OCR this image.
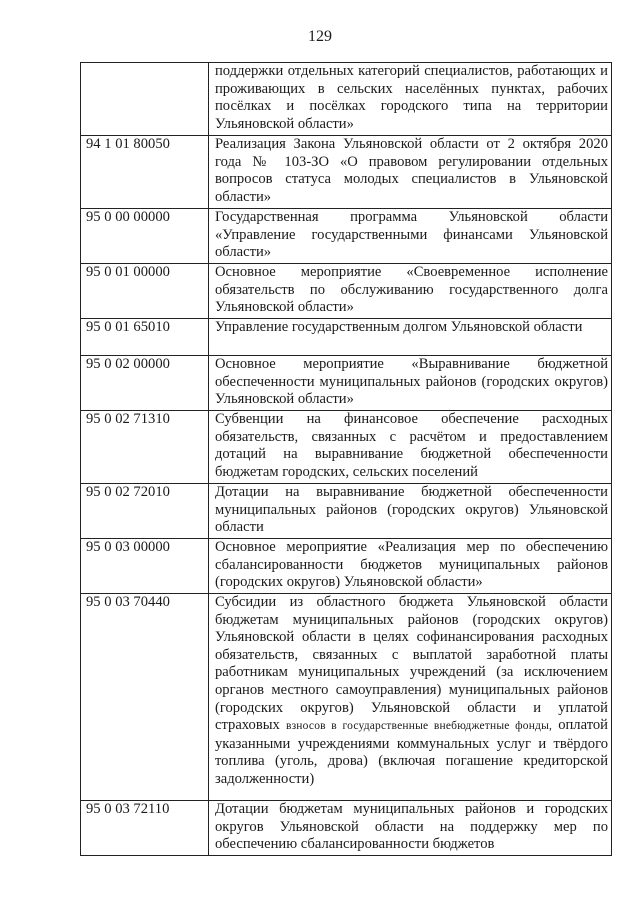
129
	поддержки отдельных категорий специалистов, работающих и проживающих в сельских населённых пунктах, рабочих посёлках и посёлках городского типа на территории Ульяновской области»
94 1 01 80050	Реализация Закона Ульяновской области от 2 октября 2020 года № 103-ЗО «О правовом регулировании отдельных вопросов статуса молодых специалистов в Ульяновской области»
95 0 00 00000	Государственная программа Ульяновской области «Управление государственными финансами Ульяновской области»
95 0 01 00000	Основное мероприятие «Своевременное исполнение обязательств по обслуживанию государственного долга Ульяновской области»
95 0 01 65010	Управление государственным долгом Ульяновской области
95 0 02 00000	Основное мероприятие «Выравнивание бюджетной обеспеченности муниципальных районов (городских округов) Ульяновской области»
95 0 02 71310	Субвенции на финансовое обеспечение расходных обязательств, связанных с расчётом и предоставлением дотаций на выравнивание бюджетной обеспеченности бюджетам городских, сельских поселений
95 0 02 72010	Дотации на выравнивание бюджетной обеспеченности муниципальных районов (городских округов) Ульяновской области
95 0 03 00000	Основное мероприятие «Реализация мер по обеспечению сбалансированности бюджетов муниципальных районов (городских округов) Ульяновской области»
95 0 03 70440	Субсидии из областного бюджета Ульяновской области бюджетам муниципальных районов (городских округов) Ульяновской области в целях софинансирования расходных обязательств, связанных с выплатой заработной платы работникам муниципальных учреждений (за исключением органов местного самоуправления) муниципальных районов (городских округов) Ульяновской области и уплатой страховых взносов в государственные внебюджетные фонды, оплатой указанными учреждениями коммунальных услуг и твёрдого топлива (уголь, дрова) (включая погашение кредиторской задолженности)
95 0 03 72110	Дотации бюджетам муниципальных районов и городских округов Ульяновской области на поддержку мер по обеспечению сбалансированности бюджетов
